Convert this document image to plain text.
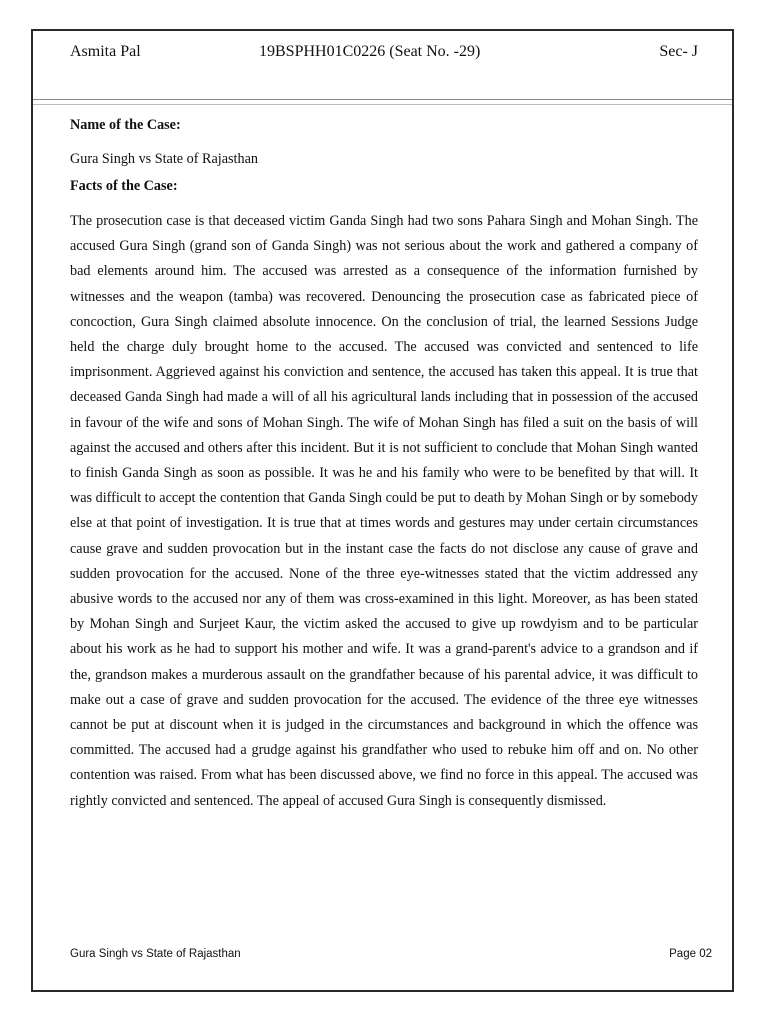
Asmita Pal	19BSPHH01C0226 (Seat No. -29)	Sec- J

Name of the Case:

Gura Singh vs State of Rajasthan

Facts of the Case:

The prosecution case is that deceased victim Ganda Singh had two sons Pahara Singh and Mohan Singh. The accused Gura Singh (grand son of Ganda Singh) was not serious about the work and gathered a company of bad elements around him. The accused was arrested as a consequence of the information furnished by witnesses and the weapon (tamba) was recovered. Denouncing the prosecution case as fabricated piece of concoction, Gura Singh claimed absolute innocence. On the conclusion of trial, the learned Sessions Judge held the charge duly brought home to the accused. The accused was convicted and sentenced to life imprisonment. Aggrieved against his conviction and sentence, the accused has taken this appeal. It is true that deceased Ganda Singh had made a will of all his agricultural lands including that in possession of the accused in favour of the wife and sons of Mohan Singh. The wife of Mohan Singh has filed a suit on the basis of will against the accused and others after this incident. But it is not sufficient to conclude that Mohan Singh wanted to finish Ganda Singh as soon as possible. It was he and his family who were to be benefited by that will. It was difficult to accept the contention that Ganda Singh could be put to death by Mohan Singh or by somebody else at that point of investigation. It is true that at times words and gestures may under certain circumstances cause grave and sudden provocation but in the instant case the facts do not disclose any cause of grave and sudden provocation for the accused. None of the three eye-witnesses stated that the victim addressed any abusive words to the accused nor any of them was cross-examined in this light. Moreover, as has been stated by Mohan Singh and Surjeet Kaur, the victim asked the accused to give up rowdyism and to be particular about his work as he had to support his mother and wife. It was a grand-parent's advice to a grandson and if the, grandson makes a murderous assault on the grandfather because of his parental advice, it was difficult to make out a case of grave and sudden provocation for the accused. The evidence of the three eye witnesses cannot be put at discount when it is judged in the circumstances and background in which the offence was committed. The accused had a grudge against his grandfather who used to rebuke him off and on. No other contention was raised. From what has been discussed above, we find no force in this appeal. The accused was rightly convicted and sentenced. The appeal of accused Gura Singh is consequently dismissed.

Gura Singh vs State of Rajasthan	Page 02
